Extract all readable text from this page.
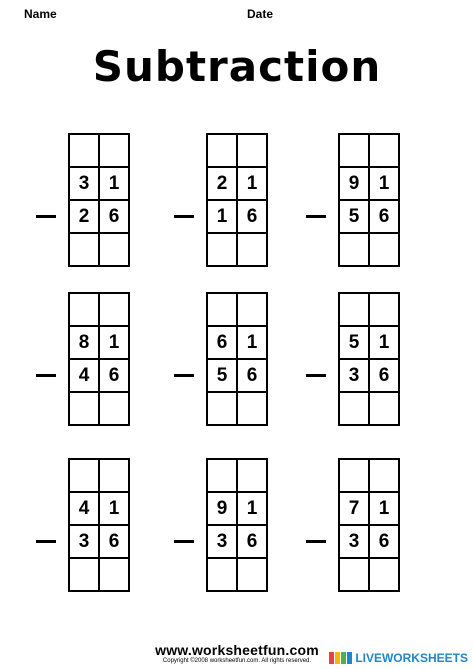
Name	Date
Subtraction
3	1
2	6
2	1
1	6
9	1
5	6
8	1
4	6
6	1
5	6
5	1
3	6
4	1
3	6
9	1
3	6
7	1
3	6
www.worksheetfun.com
Copyright ©2008 worksheetfun.com. All rights reserved.	LIVEWORKSHEETS
